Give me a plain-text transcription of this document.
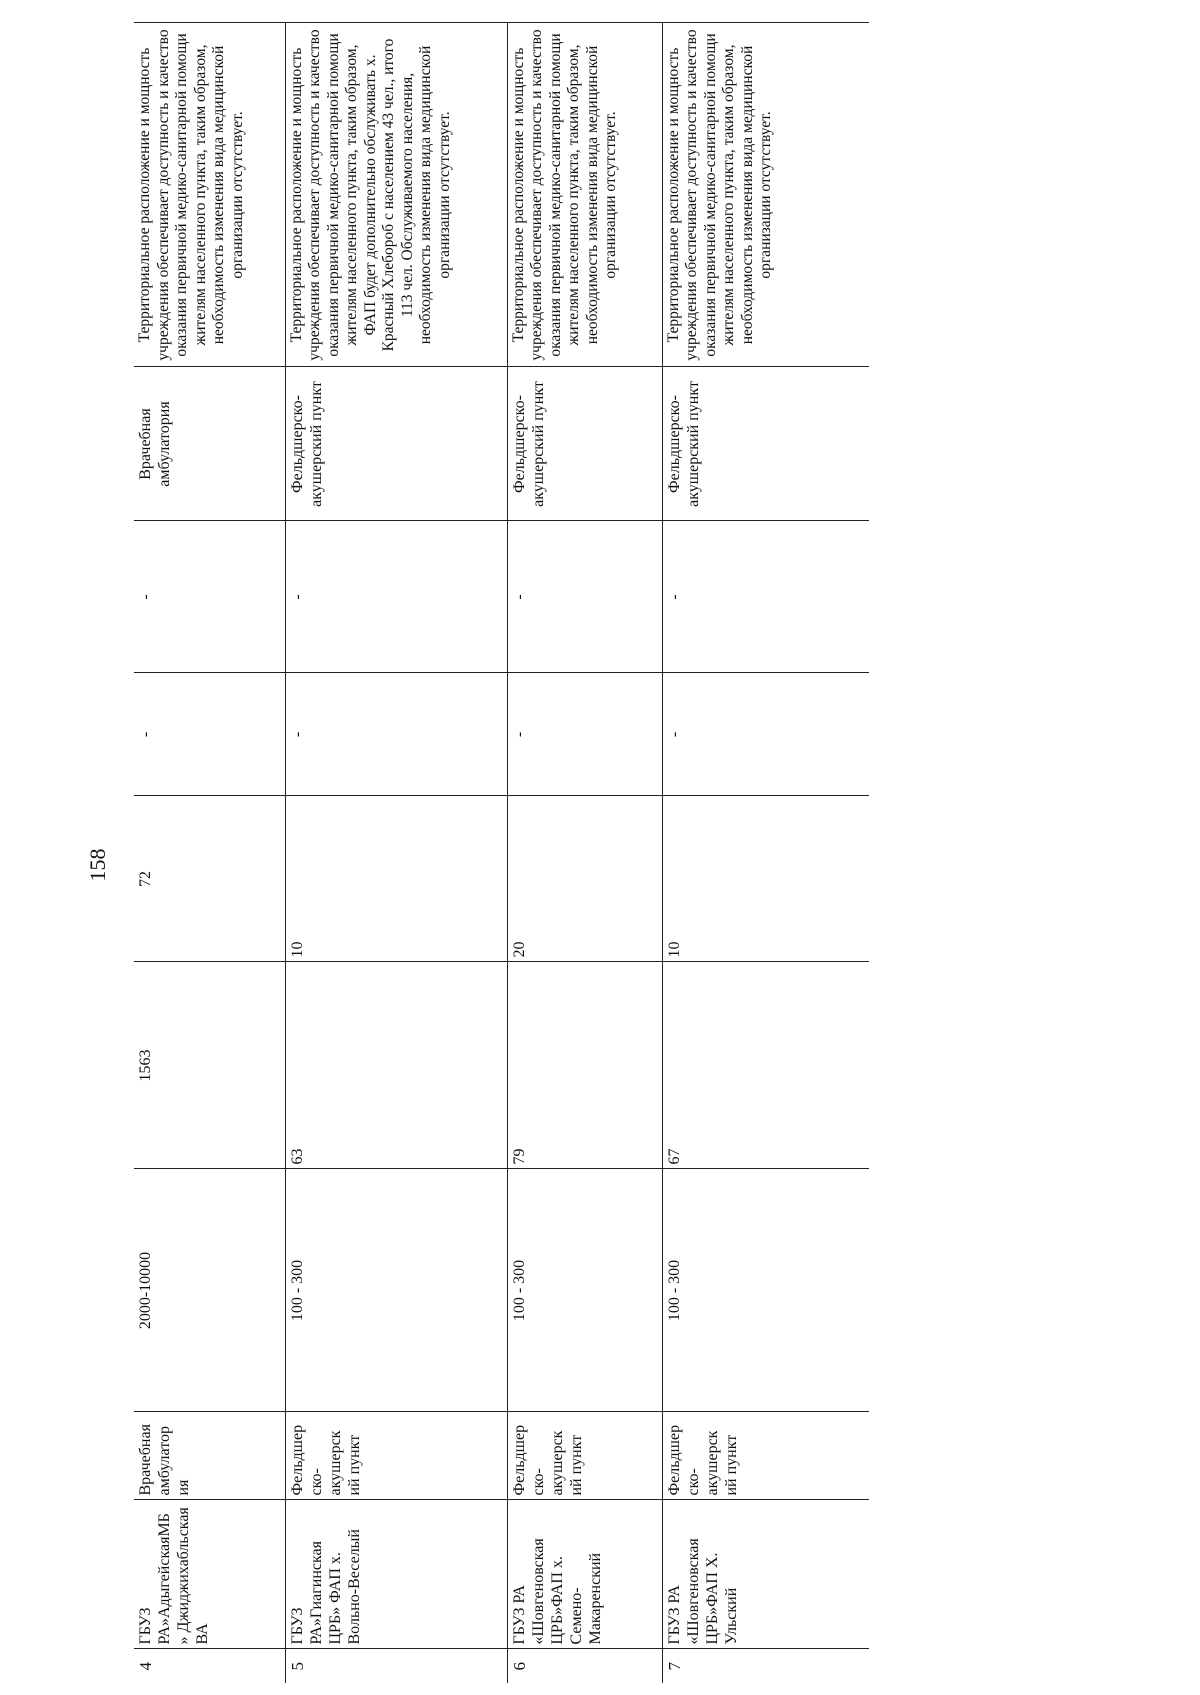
158
4	ГБУЗ РА»АдыгейскаяМБ » Джиджихабльская ВА	Врачебная амбулатор ия	2000-10000	1563	72	-	-	Врачебная амбулатория	Территориальное расположение и мощность учреждения обеспечивает доступность и качество оказания первичной медико-санитарной помощи жителям населенного пункта, таким образом, необходимость изменения вида медицинской организации отсутствует.
5	ГБУЗ РА»Гиагинская ЦРБ» ФАП х. Вольно-Веселый	Фельдшер ско-акушерск ий пункт	100 - 300	63	10	-	-	Фельдшерско-акушерский пункт	Территориальное расположение и мощность учреждения обеспечивает доступность и качество оказания первичной медико-санитарной помощи жителям населенного пункта, таким образом, ФАП будет дополнительно обслуживать х. Красный Хлебороб с населением 43 чел., итого 113 чел. Обслуживаемого населения, необходимость изменения вида медицинской организации отсутствует.
6	ГБУЗ РА «Шовгеновская ЦРБ»ФАП х. Семено-Макаренский	Фельдшер ско-акушерск ий пункт	100 - 300	79	20	-	-	Фельдшерско-акушерский пункт	Территориальное расположение и мощность учреждения обеспечивает доступность и качество оказания первичной медико-санитарной помощи жителям населенного пункта, таким образом, необходимость изменения вида медицинской организации отсутствует.
7	ГБУЗ РА «Шовгеновская ЦРБ»ФАП Х. Ульский	Фельдшер ско-акушерск ий пункт	100 - 300	67	10	-	-	Фельдшерско-акушерский пункт	Территориальное расположение и мощность учреждения обеспечивает доступность и качество оказания первичной медико-санитарной помощи жителям населенного пункта, таким образом, необходимость изменения вида медицинской организации отсутствует.
